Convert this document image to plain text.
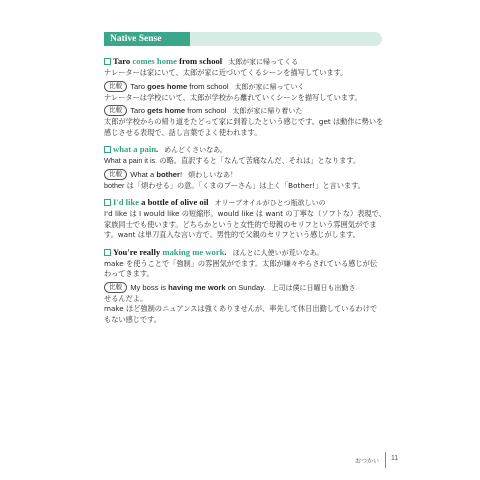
Native Sense
Taro comes home from school 太郎が家に帰ってくる
ナレーターは家にいて、太郎が家に近づいてくるシーンを描写しています。
比較 Taro goes home from school 太郎が家に帰っていく
ナレーターは学校にいて、太郎が学校から離れていくシーンを描写しています。
比較 Taro gets home from school 太郎が家に帰り着いた
太郎が学校からの帰り道をたどって家に到着したという感じです。get は動作に勢いを
感じさせる表現で、話し言葉でよく使われます。
what a pain. めんどくさいなあ。
What a pain it is. の略。直訳すると「なんて苦痛なんだ、それは」となります。
比較 What a bother! 煩わしいなあ！
bother は「煩わせる」の意。「くまのプーさん」は上く「Bother!」と言います。
I'd like a bottle of olive oil オリーブオイルがひとつ瓶欲しいの
I'd like は I would like の短縮形。would like は want の丁寧な（ソフトな）表現で、
家族同士でも使います。どちらかというと女性的で母親のセリフという雰囲気がでま
す。want は単刀直入な言い方で、男性的で父親のセリフという感じがします。
You're really making me work. ほんとに人使いが荒いなあ。
make を使うことで「強制」の雰囲気がでます。太郎が嫌々やらされている感じが伝
わってきます。
比較 My boss is having me work on Sunday. 上司は僕に日曜日も出勤さ
せるんだよ。
make ほど強制のニュアンスは強くありませんが、率先して休日出勤しているわけで
もない感じです。
おつかい 11
